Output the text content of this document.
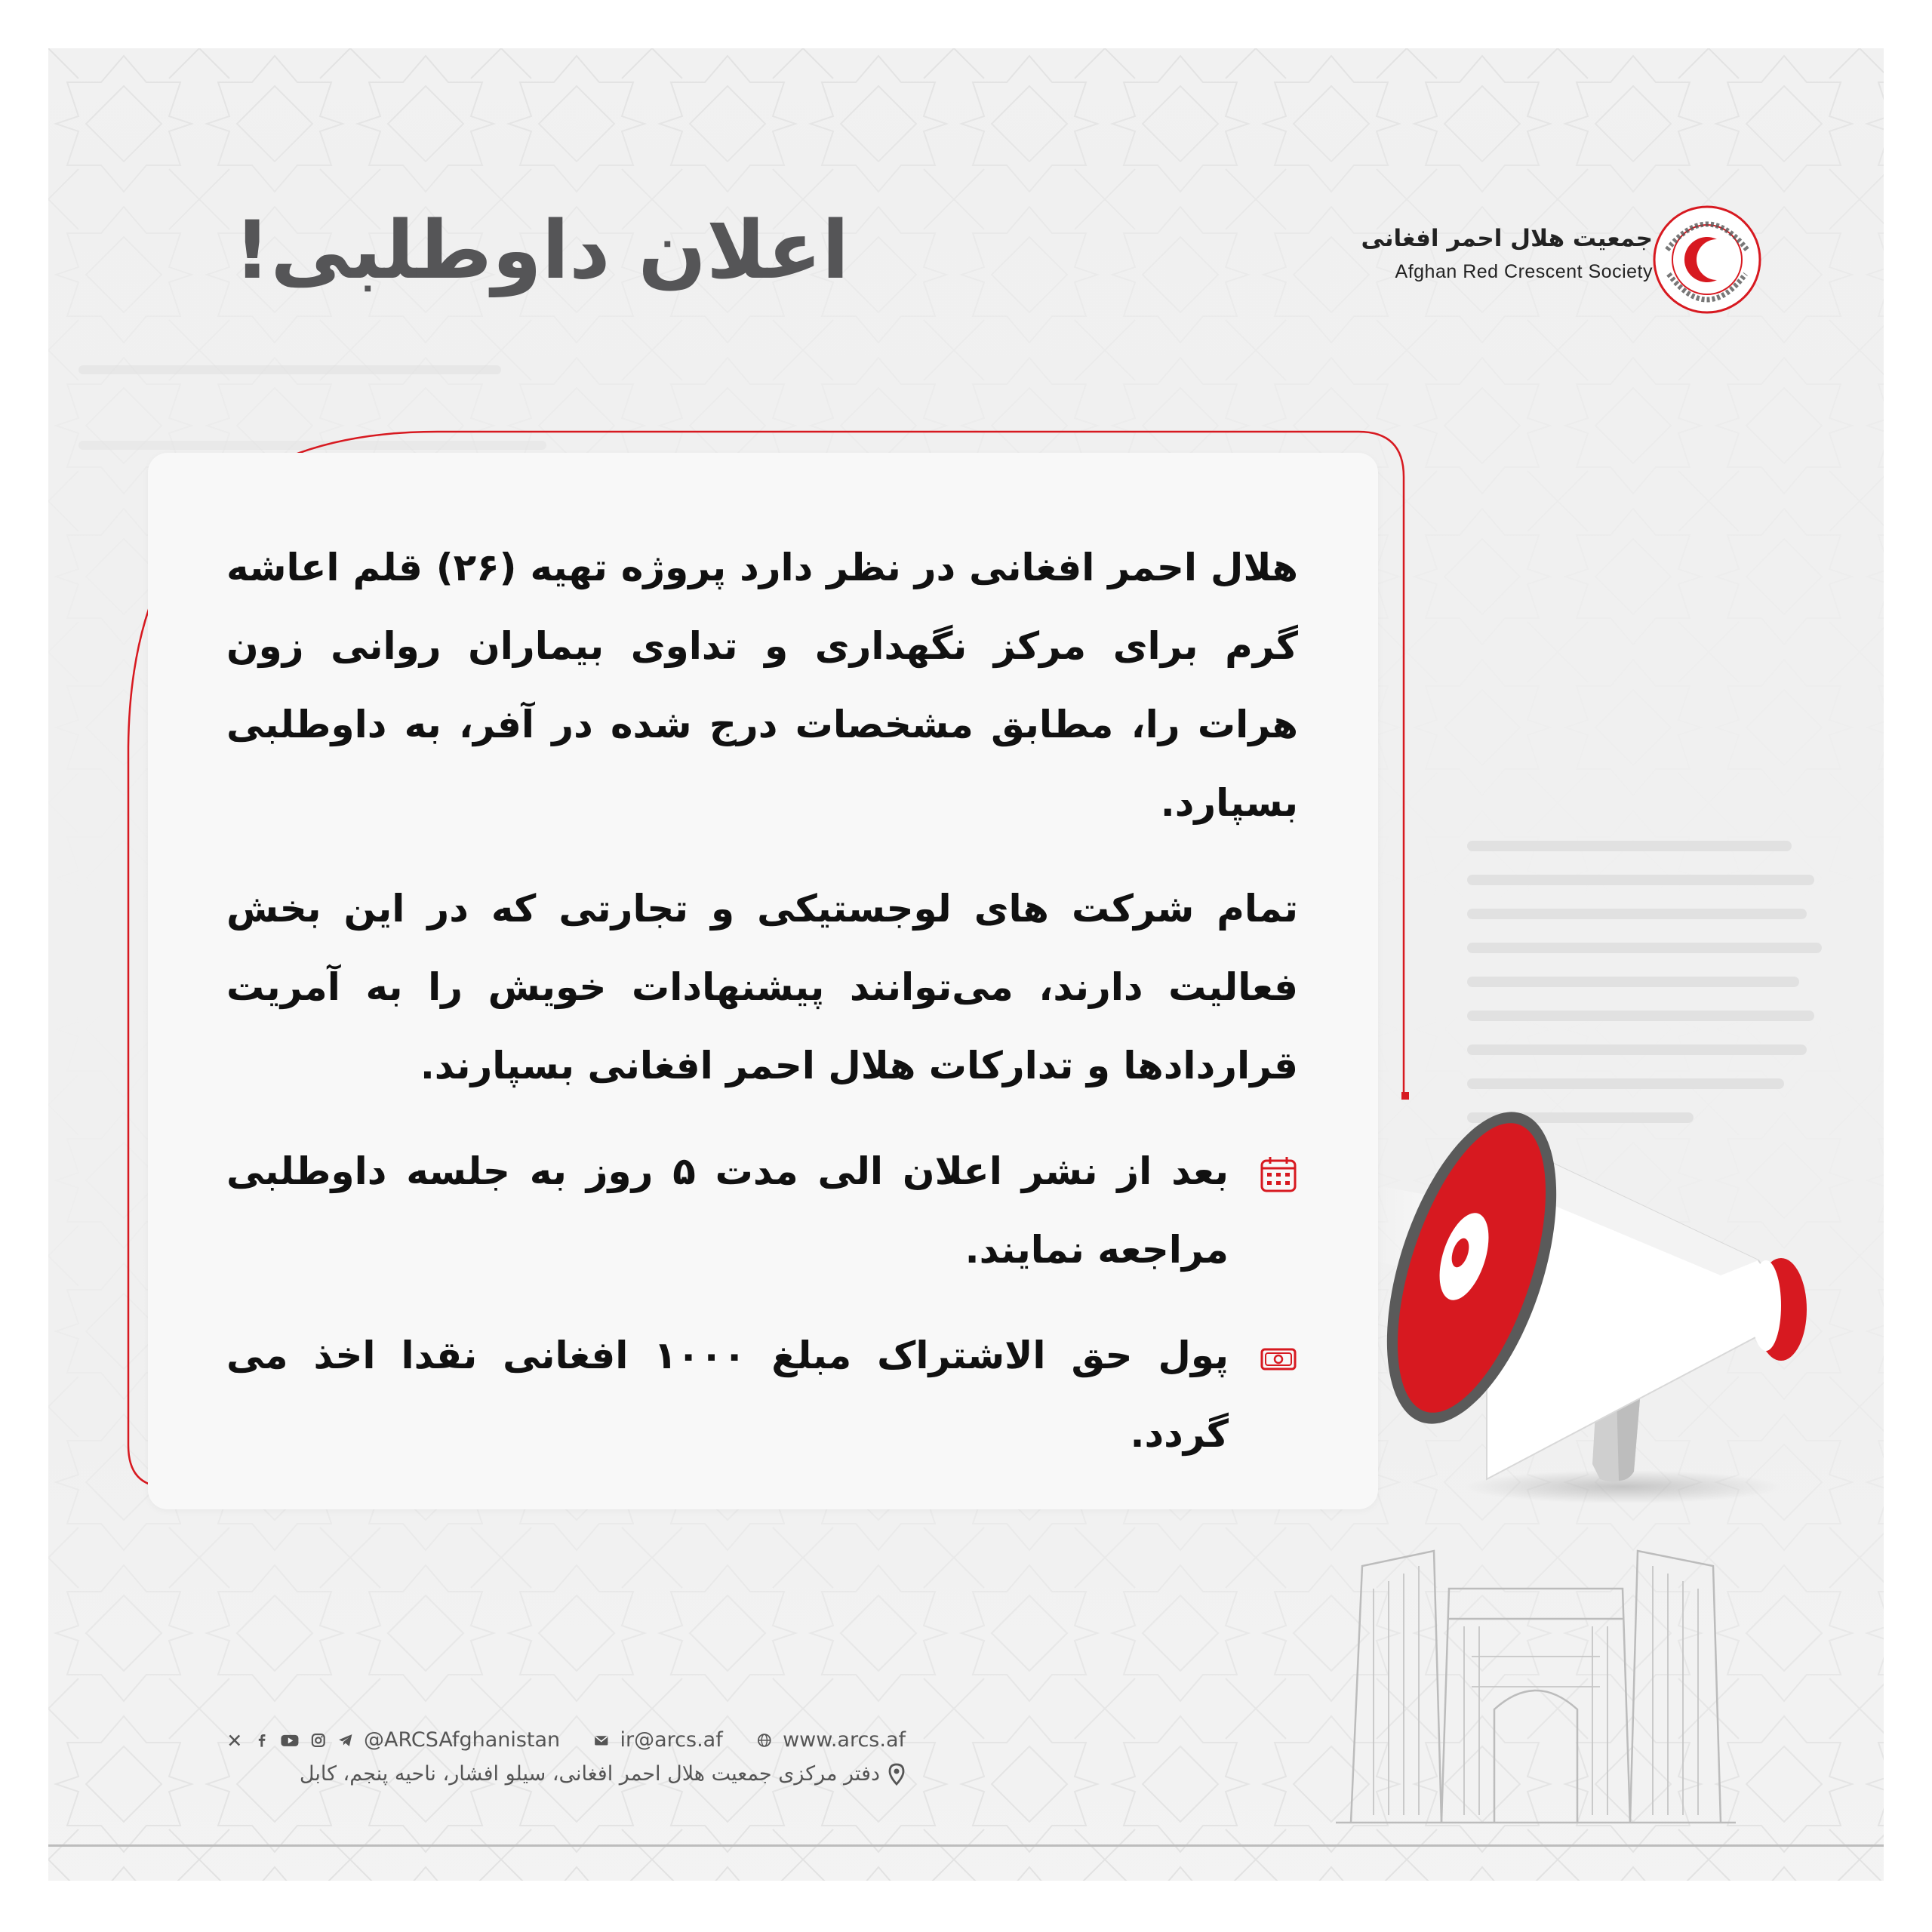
اعلان داوطلبی!	جمعیت هلال احمر افغانی
Afghan Red Crescent Society

هلال احمر افغانی در نظر دارد پروژه تهیه (۲۶) قلم اعاشه گرم برای مرکز نگهداری و تداوی بیماران روانی زون هرات را، مطابق مشخصات درج شده در آفر، به داوطلبی بسپارد.

تمام شرکت های لوجستیکی و تجارتی که در این بخش فعالیت دارند، می‌توانند پیشنهادات خویش را به آمریت قراردادها و تدارکات هلال احمر افغانی بسپارند.

بعد از نشر اعلان الی مدت ۵ روز به جلسه داوطلبی مراجعه نمایند.
پول حق الاشتراک مبلغ ۱۰۰۰ افغانی نقدا اخذ می گردد.
@ARCSAfghanistan	ir@arcs.af	www.arcs.af
دفتر مرکزی جمعیت هلال احمر افغانی، سیلو افشار، ناحیه پنجم، کابل
